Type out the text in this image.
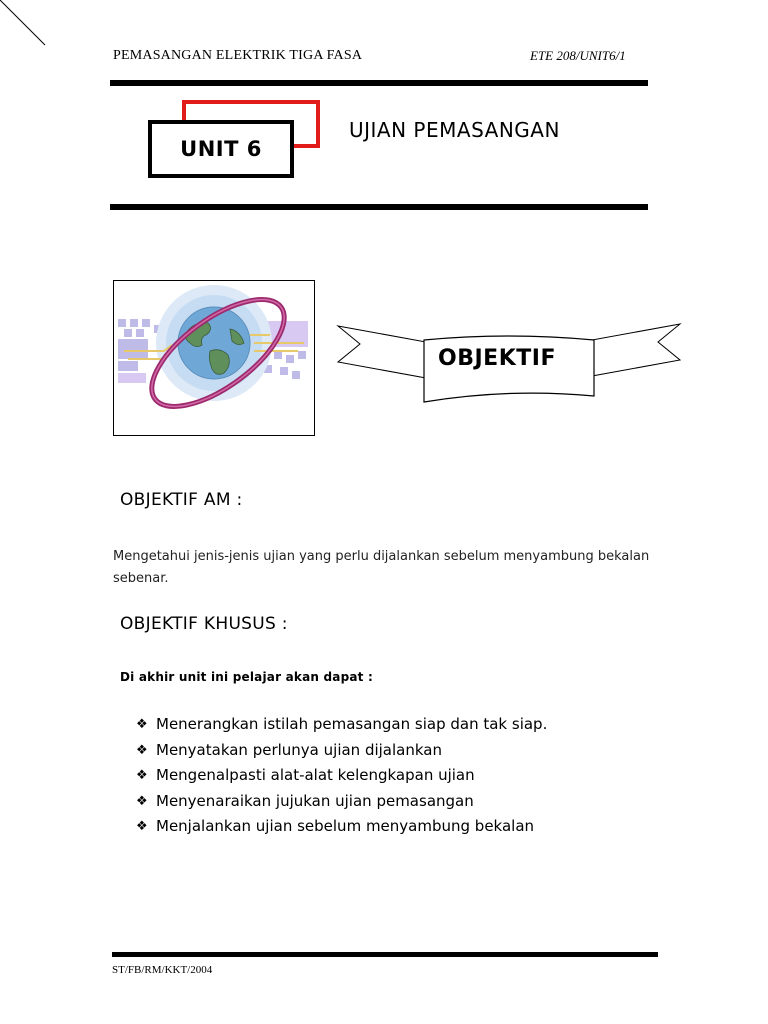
PEMASANGAN ELEKTRIK TIGA FASA	ETE 208/UNIT6/1
UNIT 6
UJIAN PEMASANGAN
OBJEKTIF
OBJEKTIF AM :
Mengetahui jenis-jenis ujian yang perlu dijalankan sebelum menyambung bekalan sebenar.
OBJEKTIF KHUSUS :
Di akhir unit ini pelajar akan dapat :
❖ Menerangkan istilah pemasangan siap dan tak siap.
❖ Menyatakan perlunya ujian dijalankan
❖ Mengenalpasti alat-alat kelengkapan ujian
❖ Menyenaraikan jujukan ujian pemasangan
❖ Menjalankan ujian sebelum menyambung bekalan
ST/FB/RM/KKT/2004
